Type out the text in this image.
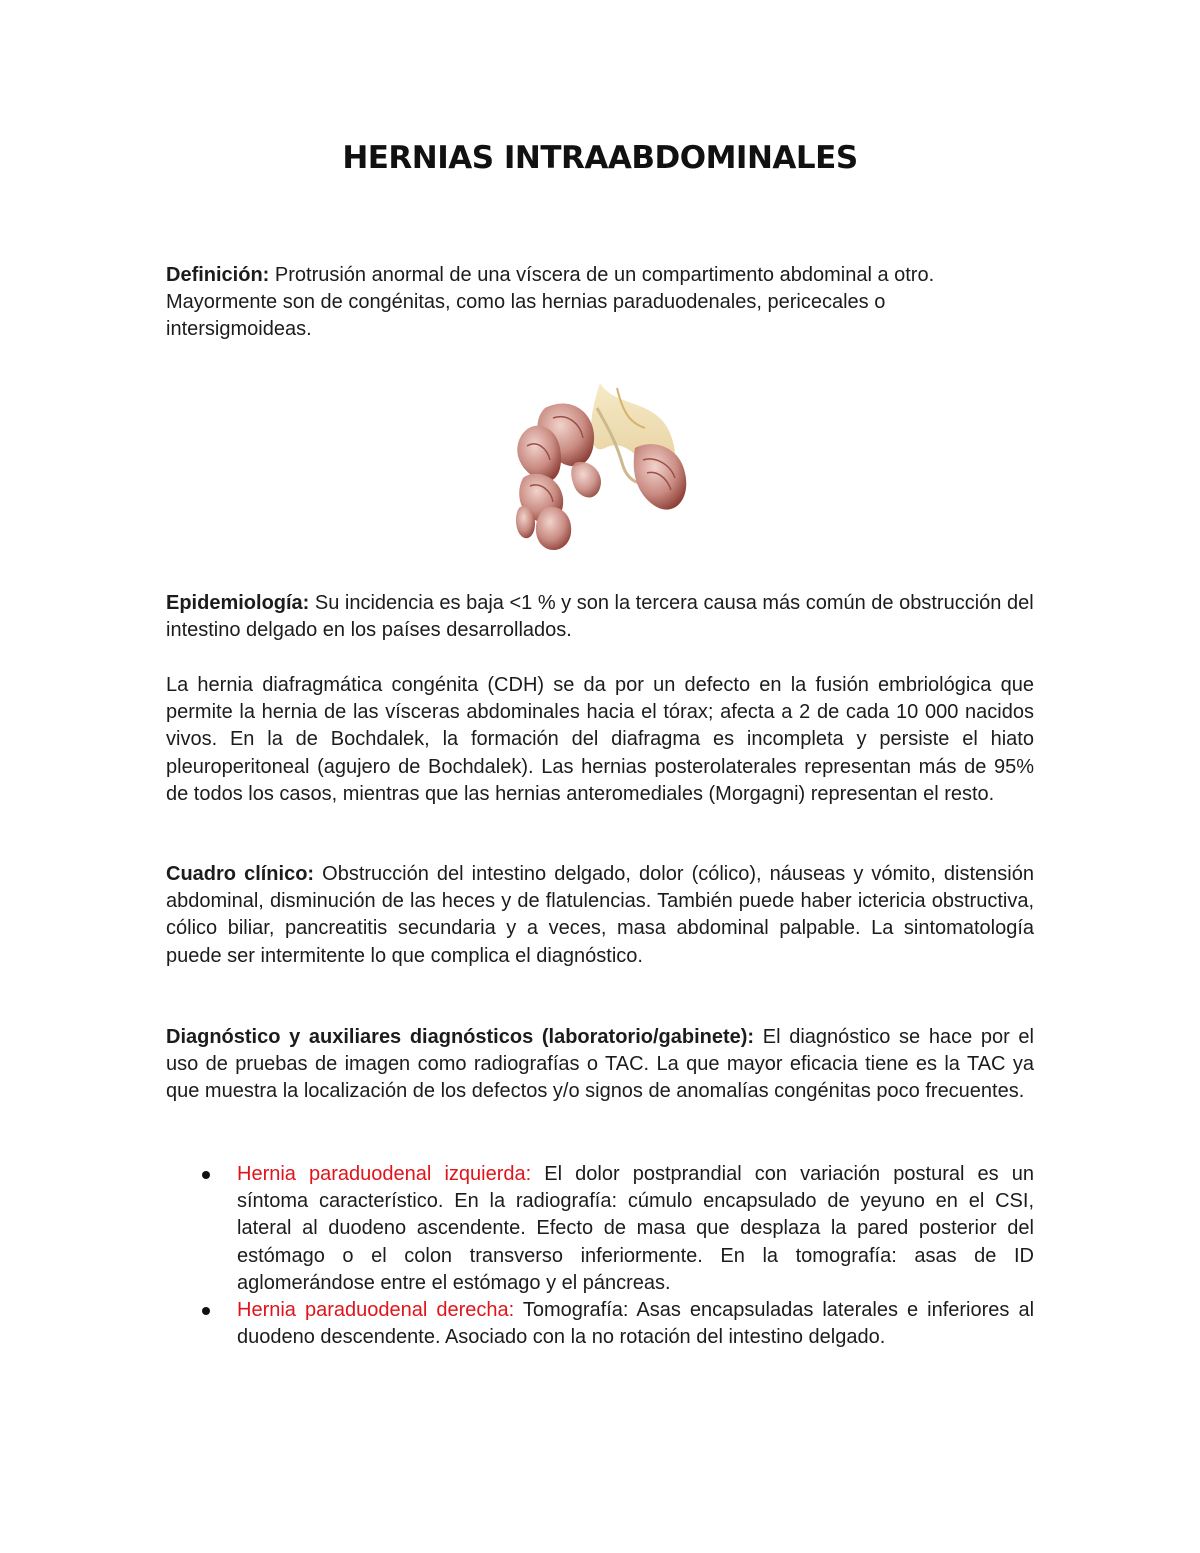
HERNIAS INTRAABDOMINALES
Definición: Protrusión anormal de una víscera de un compartimento abdominal a otro. Mayormente son de congénitas, como las hernias paraduodenales, pericecales o intersigmoideas.
Epidemiología: Su incidencia es baja <1 % y son la tercera causa más común de obstrucción del intestino delgado en los países desarrollados.
La hernia diafragmática congénita (CDH) se da por un defecto en la fusión embriológica que permite la hernia de las vísceras abdominales hacia el tórax; afecta a 2 de cada 10 000 nacidos vivos. En la de Bochdalek, la formación del diafragma es incompleta y persiste el hiato pleuroperitoneal (agujero de Bochdalek). Las hernias posterolaterales representan más de 95% de todos los casos, mientras que las hernias anteromediales (Morgagni) representan el resto.
Cuadro clínico: Obstrucción del intestino delgado, dolor (cólico), náuseas y vómito, distensión abdominal, disminución de las heces y de flatulencias. También puede haber ictericia obstructiva, cólico biliar, pancreatitis secundaria y a veces, masa abdominal palpable. La sintomatología puede ser intermitente lo que complica el diagnóstico.
Diagnóstico y auxiliares diagnósticos (laboratorio/gabinete): El diagnóstico se hace por el uso de pruebas de imagen como radiografías o TAC. La que mayor eficacia tiene es la TAC ya que muestra la localización de los defectos y/o signos de anomalías congénitas poco frecuentes.
Hernia paraduodenal izquierda: El dolor postprandial con variación postural es un síntoma característico. En la radiografía: cúmulo encapsulado de yeyuno en el CSI, lateral al duodeno ascendente. Efecto de masa que desplaza la pared posterior del estómago o el colon transverso inferiormente. En la tomografía: asas de ID aglomerándose entre el estómago y el páncreas.
Hernia paraduodenal derecha: Tomografía: Asas encapsuladas laterales e inferiores al duodeno descendente. Asociado con la no rotación del intestino delgado.
